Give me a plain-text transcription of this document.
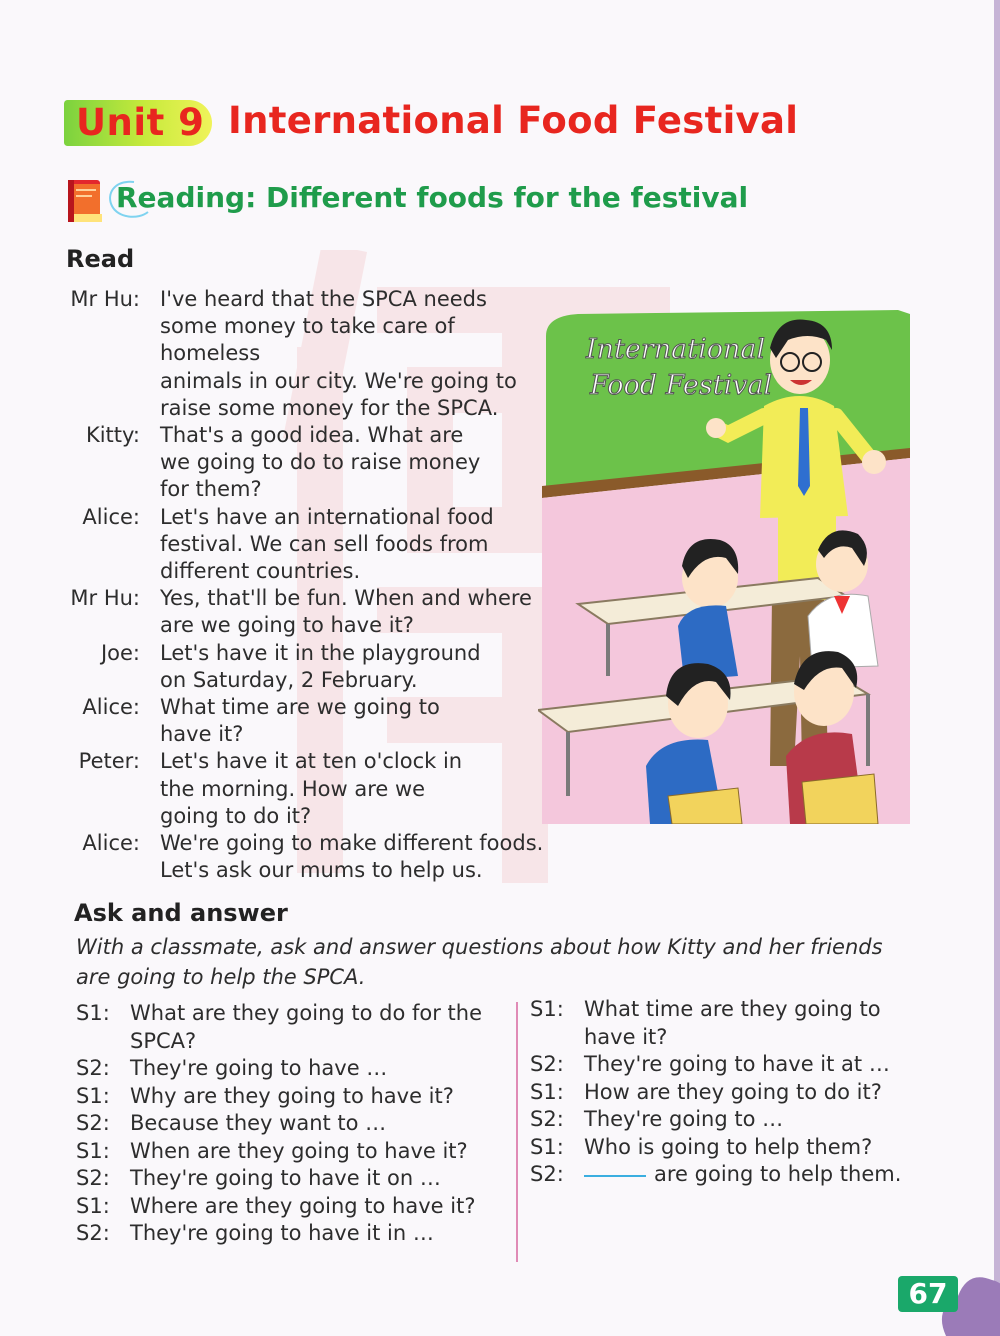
Unit 9 International Food Festival
Reading: Different foods for the festival
Read
Mr Hu: I've heard that the SPCA needs
some money to take care of homeless
animals in our city. We're going to
raise some money for the SPCA.
Kitty: That's a good idea. What are
we going to do to raise money
for them?
Alice: Let's have an international food
festival. We can sell foods from
different countries.
Mr Hu: Yes, that'll be fun. When and where
are we going to have it?
Joe: Let's have it in the playground
on Saturday, 2 February.
Alice: What time are we going to
have it?
Peter: Let's have it at ten o'clock in
the morning. How are we
going to do it?
Alice: We're going to make different foods.
Let's ask our mums to help us.
International
Food Festival
Ask and answer
With a classmate, ask and answer questions about how Kitty and her friends are going to help the SPCA.
S1: What are they going to do for the SPCA?
S2: They're going to have …
S1: Why are they going to have it?
S2: Because they want to …
S1: When are they going to have it?
S2: They're going to have it on …
S1: Where are they going to have it?
S2: They're going to have it in …
S1: What time are they going to have it?
S2: They're going to have it at …
S1: How are they going to do it?
S2: They're going to …
S1: Who is going to help them?
S2:	are going to help them.
67
